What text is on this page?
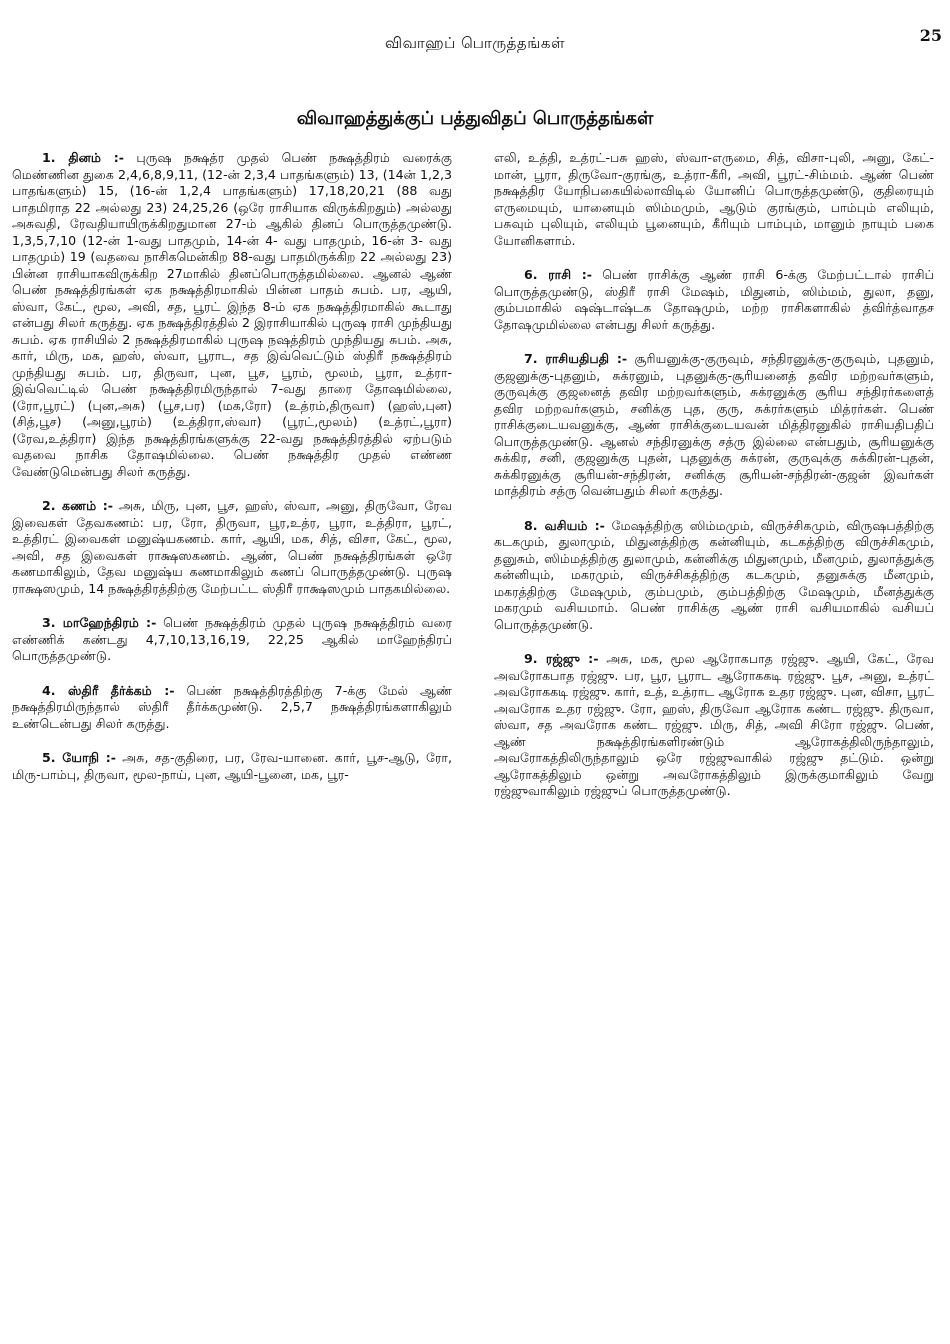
விவாஹப் பொருத்தங்கள்	25
விவாஹத்துக்குப் பத்துவிதப் பொருத்தங்கள்

1. தினம் :- புருஷ நக்ஷத்ர முதல் பெண் நக்ஷத்திரம் வரைக்கு மெண்ணின துகை 2,4,6,8,9,11, (12-ன் 2,3,4 பாதங்களும்) 13, (14ன் 1,2,3 பாதங்களும்) 15, (16-ன் 1,2,4 பாதங்களும்) 17,18,20,21 (88 வது பாதமிராத 22 அல்லது 23) 24,25,26 (ஒரே ராசியாக விருக்கிறதும்) அல்லது அசுவதி, ரேவதியாயிருக்கிறதுமான 27-ம் ஆகில் தினப் பொருத்தமுண்டு. 1,3,5,7,10 (12-ன் 1-வது பாதமும், 14-ன் 4- வது பாதமும், 16-ன் 3- வது பாதமும்) 19 (வதவை நாசிகமென்கிற 88-வது பாதமிருக்கிற 22 அல்லது 23) பின்ன ராசியாகவிருக்கிற 27மாகில் தினப்பொருத்தமில்லை. ஆனல் ஆண் பெண் நக்ஷத்திரங்கள் ஏக நக்ஷத்திரமாகில் பின்ன பாதம் சுபம். பர, ஆயி, ஸ்வா, கேட், மூல, அவி, சத, பூரட் இந்த 8-ம் ஏக நக்ஷத்திரமாகில் கூடாது என்பது சிலர் கருத்து. ஏக நக்ஷத்திரத்தில் 2 இராசியாகில் புருஷ ராசி முந்தியது சுபம். ஏக ராசியில் 2 நக்ஷத்திரமாகில் புருஷ நஷத்திரம் முந்தியது சுபம். அசு, கார், மிரு, மக, ஹஸ், ஸ்வா, பூராட, சத இவ்வெட்டும் ஸ்திரீ நக்ஷத்திரம் முந்தியது சுபம். பர, திருவா, புன, பூச, பூரம், மூலம், பூரா, உத்ரா-இவ்வெட்டில் பெண் நக்ஷத்திரமிருந்தால் 7-வது தாரை தோஷமில்லை, (ரோ,பூரட்) (புன,அசு) (பூச,பர) (மக,ரோ) (உத்ரம்,திருவா) (ஹஸ்,புன) (சித்,பூச) (அனு,பூரம்) (உத்திரா,ஸ்வா) (பூரட்,மூலம்) (உத்ரட்,பூரா) (ரேவ,உத்திரா) இந்த நக்ஷத்திரங்களுக்கு 22-வது நக்ஷத்திரத்தில் ஏற்படும் வதவை நாசிக தோஷமில்லை. பெண் நக்ஷத்திர முதல் எண்ண வேண்டுமென்பது சிலர் கருத்து.

2. கணம் :- அசு, மிரு, புன, பூச, ஹஸ், ஸ்வா, அனு, திருவோ, ரேவ இவைகள் தேவகணம்: பர, ரோ, திருவா, பூர,உத்ர, பூரா, உத்திரா, பூரட், உத்திரட் இவைகள் மனுஷ்யகணம். கார், ஆயி, மக, சித், விசா, கேட், மூல, அவி, சத இவைகள் ராக்ஷஸகணம். ஆண், பெண் நக்ஷத்திரங்கள் ஒரே கணமாகிலும், தேவ மனுஷ்ய கணமாகிலும் கணப் பொருத்தமுண்டு. புருஷ ராக்ஷஸமும், 14 நக்ஷத்திரத்திற்கு மேற்பட்ட ஸ்திரீ ராக்ஷஸமும் பாதகமில்லை.

3. மாஹேந்திரம் :- பெண் நக்ஷத்திரம் முதல் புருஷ நக்ஷத்திரம் வரை எண்ணிக் கண்டது 4,7,10,13,16,19, 22,25 ஆகில் மாஹேந்திரப் பொருத்தமுண்டு.

4. ஸ்திரீ தீர்க்கம் :- பெண் நக்ஷத்திரத்திற்கு 7-க்கு மேல் ஆண் நக்ஷத்திரமிருந்தால் ஸ்திரீ தீர்க்கமுண்டு. 2,5,7 நக்ஷத்திரங்களாகிலும் உண்டென்பது சிலர் கருத்து.

5. யோநி :- அசு, சத-குதிரை, பர, ரேவ-யானை. கார், பூச-ஆடு, ரோ, மிரு-பாம்பு, திருவா, மூல-நாய், புன, ஆயி-பூனை, மக, பூர-

எலி, உத்தி, உத்ரட்-பசு ஹஸ், ஸ்வா-எருமை, சித், விசா-புலி, அனு, கேட்-மான், பூரா, திருவோ-குரங்கு, உத்ரா-கீரி, அவி, பூரட்-சிம்மம். ஆண் பெண் நக்ஷத்திர யோநிபகையில்லாவிடில் யோனிப் பொருத்தமுண்டு, குதிரையும் எருமையும், யானையும் ஸிம்மமும், ஆடும் குரங்கும், பாம்பும் எலியும், பசுவும் புலியும், எலியும் பூனையும், கீரியும் பாம்பும், மானும் நாயும் பகை யோனிகளாம்.

6. ராசி :- பெண் ராசிக்கு ஆண் ராசி 6-க்கு மேற்பட்டால் ராசிப் பொருத்தமுண்டு, ஸ்திரீ ராசி மேஷம், மிதுனம், ஸிம்மம், துலா, தனு, கும்பமாகில் ஷஷ்டாஷ்டக தோஷமும், மற்ற ராசிகளாகில் த்விர்த்வாதச தோஷமுமில்லை என்பது சிலர் கருத்து.

7. ராசியதிபதி :- சூரியனுக்கு-குருவும், சந்திரனுக்கு-குருவும், புதனும், குஜனுக்கு-புதனும், சுக்ரனும், புதனுக்கு-சூரியனைத் தவிர மற்றவர்களும், குருவுக்கு குஜனைத் தவிர மற்றவர்களும், சுக்ரனுக்கு சூரிய சந்திரர்களைத் தவிர மற்றவர்களும், சனிக்கு புத, குரு, சுக்ரர்களும் மித்ரர்கள். பெண் ராசிக்குடையவனுக்கு, ஆண் ராசிக்குடையவன் மித்திரனுகில் ராசியதிபதிப் பொருத்தமுண்டு. ஆனல் சந்திரனுக்கு சத்ரு இல்லை என்பதும், சூரியனுக்கு சுக்கிர, சனி, குஜனுக்கு புதன், புதனுக்கு சுக்ரன், குருவுக்கு சுக்கிரன்-புதன், சுக்கிரனுக்கு சூரியன்-சந்திரன், சனிக்கு சூரியன்-சந்திரன்-குஜன் இவர்கள் மாத்திரம் சத்ரு வென்பதும் சிலர் கருத்து.

8. வசியம் :- மேஷத்திற்கு ஸிம்மமும், விருச்சிகமும், விருஷபத்திற்கு கடகமும், துலாமும், மிதுனத்திற்கு கன்னியும், கடகத்திற்கு விருச்சிகமும், தனுசும், ஸிம்மத்திற்கு துலாமும், கன்னிக்கு மிதுனமும், மீனமும், துலாத்துக்கு கன்னியும், மகரமும், விருச்சிகத்திற்கு கடகமும், தனுசுக்கு மீனமும், மகரத்திற்கு மேஷமும், கும்பமும், கும்பத்திற்கு மேஷமும், மீனத்துக்கு மகரமும் வசியமாம். பெண் ராசிக்கு ஆண் ராசி வசியமாகில் வசியப் பொருத்தமுண்டு.

9. ரஜ்ஜு :- அசு, மக, மூல ஆரோகபாத ரஜ்ஜு. ஆயி, கேட், ரேவ அவரோகபாத ரஜ்ஜு. பர, பூர, பூராட ஆரோககடி ரஜ்ஜு. பூச, அனு, உத்ரட் அவரோககடி ரஜ்ஜு. கார், உத், உத்ராட ஆரோக உதர ரஜ்ஜு. புன, விசா, பூரட் அவரோக உதர ரஜ்ஜு. ரோ, ஹஸ், திருவோ ஆரோக கண்ட ரஜ்ஜு. திருவா, ஸ்வா, சத அவரோக கண்ட ரஜ்ஜு. மிரு, சித், அவி சிரோ ரஜ்ஜு. பெண், ஆண் நக்ஷத்திரங்களிரண்டும் ஆரோகத்திலிருந்தாலும், அவரோகத்திலிருந்தாலும் ஒரே ரஜ்ஜுவாகில் ரஜ்ஜு தட்டும். ஒன்று ஆரோகத்திலும் ஒன்று அவரோகத்திலும் இருக்குமாகிலும் வேறு ரஜ்ஜுவாகிலும் ரஜ்ஜுப் பொருத்தமுண்டு.
